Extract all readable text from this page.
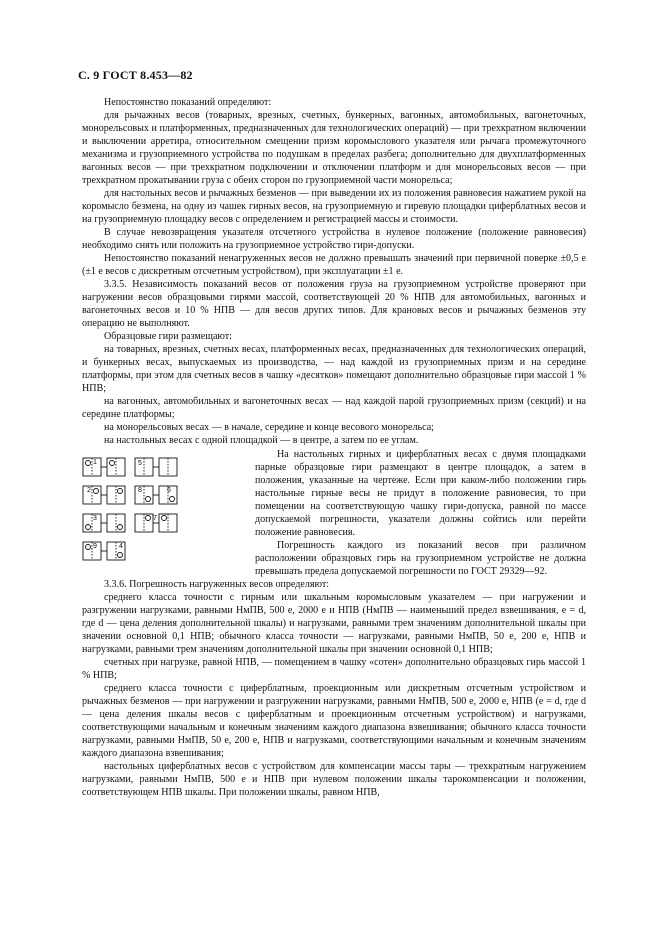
С. 9 ГОСТ 8.453—82

Непостоянство показаний определяют:

для рычажных весов (товарных, врезных, счетных, бункерных, вагонных, автомобильных, вагонеточных, монорельсовых и платформенных, предназначенных для технологических операций) — при трехкратном включении и выключении арретира, относительном смещении призм коромыслового указателя или рычага промежуточного механизма и грузоприемного устройства по подушкам в пределах разбега; дополнительно для двухплатформенных вагонных весов — при трехкратном подключении и отключении платформ и для монорельсовых весов — при трехкратном прокатывании груза с обеих сторон по грузоприемной части монорельса;

для настольных весов и рычажных безменов — при выведении их из положения равновесия нажатием рукой на коромысло безмена, на одну из чашек гирных весов, на грузоприемную и гиревую площадки циферблатных весов и на грузоприемную площадку весов с определением и регистрацией массы и стоимости.

В случае невозвращения указателя отсчетного устройства в нулевое положение (положение равновесия) необходимо снять или положить на грузоприемное устройство гири-допуски.

Непостоянство показаний ненагруженных весов не должно превышать значений при первичной поверке ±0,5 e (±1 e весов с дискретным отсчетным устройством), при эксплуатации ±1 e.

3.3.5. Независимость показаний весов от положения груза на грузоприемном устройстве проверяют при нагружении весов образцовыми гирями массой, соответствующей 20 % НПВ для автомобильных, вагонных и вагонеточных весов и 10 % НПВ — для весов других типов. Для крановых весов и рычажных безменов эту операцию не выполняют.

Образцовые гири размещают:

на товарных, врезных, счетных весах, платформенных весах, предназначенных для технологических операций, и бункерных весах, выпускаемых из производства, — над каждой из грузоприемных призм и на середине платформы, при этом для счетных весов в чашку «десятков» помещают дополнительно образцовые гири массой 1 % НПВ;

на вагонных, автомобильных и вагонеточных весах — над каждой парой грузоприемных призм (секций) и на середине платформы;

на монорельсовых весах — в начале, середине и конце весового монорельса;

на настольных весах с одной площадкой — в центре, а затем по ее углам.

1
2
3
4
5
6
7
8
9

На настольных гирных и циферблатных весах с двумя площадками парные образцовые гири размещают в центре площадок, а затем в положения, указанные на чертеже. Если при каком-либо положении гирь настольные гирные весы не придут в положение равновесия, то при помещении на соответствующую чашку гири-допуска, равной по массе допускаемой погрешности, указатели должны сойтись или перейти положение равновесия.

Погрешность каждого из показаний весов при различном расположении образцовых гирь на грузоприемном устройстве не должна превышать предела допускаемой погрешности по ГОСТ 29329—92.

3.3.6. Погрешность нагруженных весов определяют:

среднего класса точности с гирным или шкальным коромысловым указателем — при нагружении и разгружении нагрузками, равными НмПВ, 500 e, 2000 e и НПВ (НмПВ — наименьший предел взвешивания, e = d, где d — цена деления дополнительной шкалы) и нагрузками, равными трем значениям дополнительной шкалы при значении основной 0,1 НПВ; обычного класса точности — нагрузками, равными НмПВ, 50 e, 200 e, НПВ и нагрузками, равными трем значениям дополнительной шкалы при значении основной 0,1 НПВ;

счетных при нагрузке, равной НПВ, — помещением в чашку «сотен» дополнительно образцовых гирь массой 1 % НПВ;

среднего класса точности с циферблатным, проекционным или дискретным отсчетным устройством и рычажных безменов — при нагружении и разгружении нагрузками, равными НмПВ, 500 e, 2000 e, НПВ (e = d, где d — цена деления шкалы весов с циферблатным и проекционным отсчетным устройством) и нагрузками, соответствующими начальным и конечным значениям каждого диапазона взвешивания; обычного класса точности нагрузками, равными НмПВ, 50 e, 200 e, НПВ и нагрузками, соответствующими начальным и конечным значениям каждого диапазона взвешивания;

настольных циферблатных весов с устройством для компенсации массы тары — трехкратным нагружением нагрузками, равными НмПВ, 500 e и НПВ при нулевом положении шкалы тарокомпенсации и положении, соответствующем НПВ шкалы. При положении шкалы, равном НПВ,
